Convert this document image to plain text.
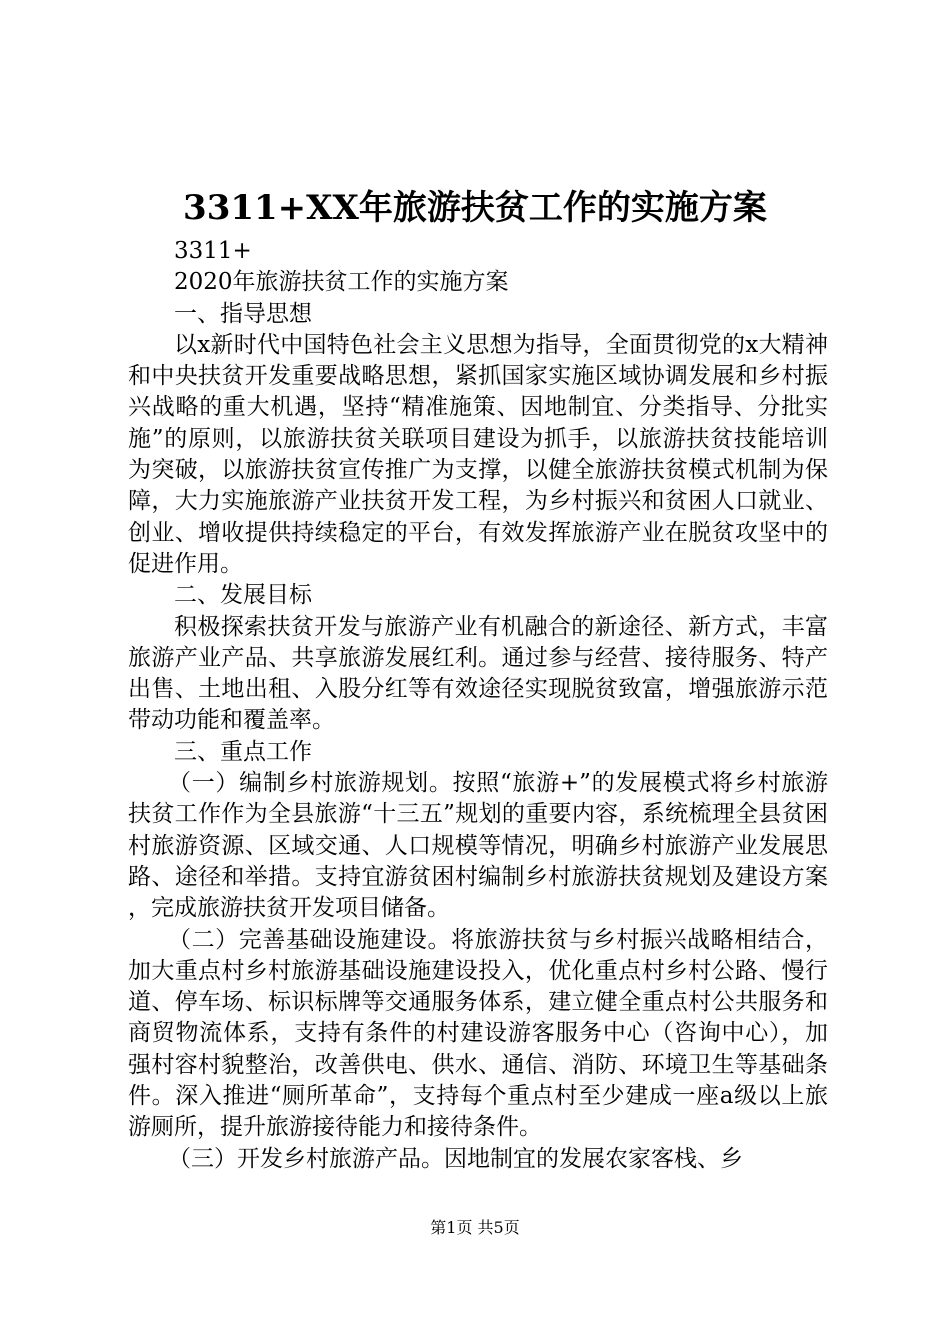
3311+XX年旅游扶贫工作的实施方案

3311+

2020年旅游扶贫工作的实施方案

一、指导思想

以x新时代中国特色社会主义思想为指导，全面贯彻党的x大精神和中央扶贫开发重要战略思想，紧抓国家实施区域协调发展和乡村振兴战略的重大机遇，坚持“精准施策、因地制宜、分类指导、分批实施”的原则，以旅游扶贫关联项目建设为抓手，以旅游扶贫技能培训为突破，以旅游扶贫宣传推广为支撑，以健全旅游扶贫模式机制为保障，大力实施旅游产业扶贫开发工程，为乡村振兴和贫困人口就业、创业、增收提供持续稳定的平台，有效发挥旅游产业在脱贫攻坚中的促进作用。

二、发展目标

积极探索扶贫开发与旅游产业有机融合的新途径、新方式，丰富旅游产业产品、共享旅游发展红利。通过参与经营、接待服务、特产出售、土地出租、入股分红等有效途径实现脱贫致富，增强旅游示范带动功能和覆盖率。

三、重点工作

（一）编制乡村旅游规划。按照“旅游+”的发展模式将乡村旅游扶贫工作作为全县旅游“十三五”规划的重要内容，系统梳理全县贫困村旅游资源、区域交通、人口规模等情况，明确乡村旅游产业发展思路、途径和举措。支持宜游贫困村编制乡村旅游扶贫规划及建设方案，完成旅游扶贫开发项目储备。

（二）完善基础设施建设。将旅游扶贫与乡村振兴战略相结合，加大重点村乡村旅游基础设施建设投入，优化重点村乡村公路、慢行道、停车场、标识标牌等交通服务体系，建立健全重点村公共服务和商贸物流体系，支持有条件的村建设游客服务中心（咨询中心），加强村容村貌整治，改善供电、供水、通信、消防、环境卫生等基础条件。深入推进“厕所革命”，支持每个重点村至少建成一座a级以上旅游厕所，提升旅游接待能力和接待条件。

（三）开发乡村旅游产品。因地制宜的发展农家客栈、乡

第1页 共5页
